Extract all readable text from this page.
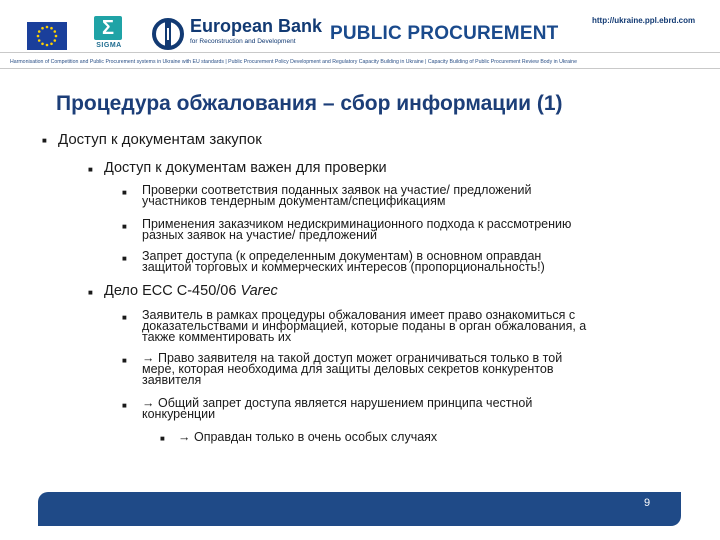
Σ
SIGMA
European Bank
for Reconstruction and Development PUBLIC PROCUREMENT
http://ukraine.ppl.ebrd.com
Harmonisation of Competition and Public Procurement systems in Ukraine with EU standards | Public Procurement Policy Development and Regulatory Capacity Building in Ukraine | Capacity Building of Public Procurement Review Body in Ukraine
Процедура обжалования – сбор информации (1)
■ Доступ к документам закупок
■ Доступ к документам важен для проверки
■ Проверки соответствия поданных заявок на участие/ предложений
участников тендерным документам/спецификациям
■ Применения заказчиком недискриминационного подхода к рассмотрению
разных заявок на участие/ предложений
■ Запрет доступа (к определенным документам) в основном оправдан
защитой торговых и коммерческих интересов (пропорциональность!)
■ Дело ECC C-450/06 Varec
■ Заявитель в рамках процедуры обжалования имеет право ознакомиться с
доказательствами и информацией, которые поданы в орган обжалования, а
также комментировать их
■ → Право заявителя на такой доступ может ограничиваться только в той
мере, которая необходима для защиты деловых секретов конкурентов
заявителя
■ → Общий запрет доступа является нарушением принципа честной
конкуренции
■ → Оправдан только в очень особых случаях
9
